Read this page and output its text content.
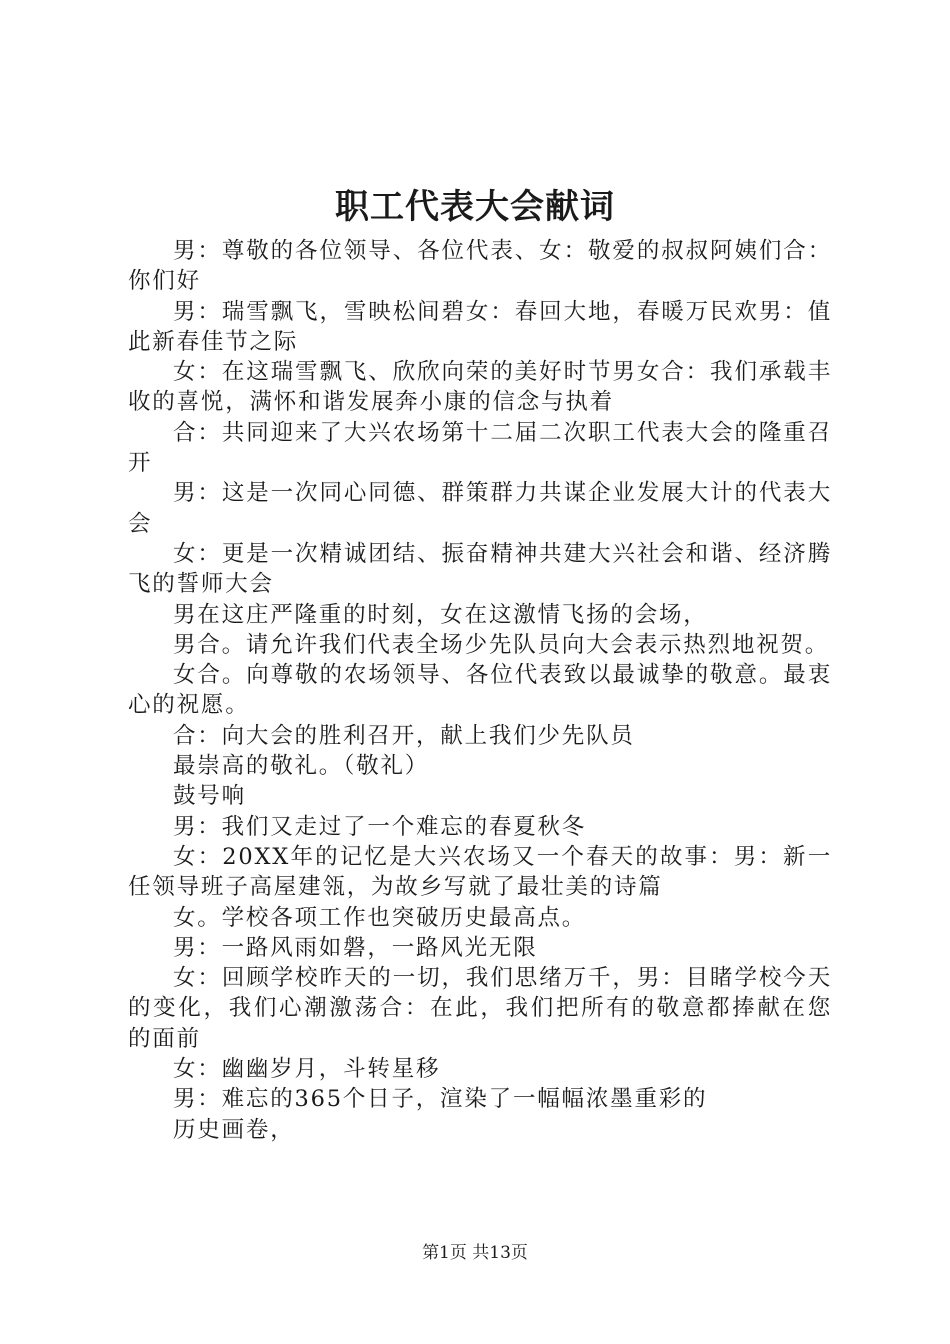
职工代表大会献词

男：尊敬的各位领导、各位代表、女：敬爱的叔叔阿姨们合：你们好

男：瑞雪飘飞，雪映松间碧女：春回大地，春暖万民欢男：值此新春佳节之际

女：在这瑞雪飘飞、欣欣向荣的美好时节男女合：我们承载丰收的喜悦，满怀和谐发展奔小康的信念与执着

合：共同迎来了大兴农场第十二届二次职工代表大会的隆重召开

男：这是一次同心同德、群策群力共谋企业发展大计的代表大会

女：更是一次精诚团结、振奋精神共建大兴社会和谐、经济腾飞的誓师大会

男在这庄严隆重的时刻，女在这激情飞扬的会场，

男合。请允许我们代表全场少先队员向大会表示热烈地祝贺。

女合。向尊敬的农场领导、各位代表致以最诚挚的敬意。最衷心的祝愿。

合：向大会的胜利召开，献上我们少先队员

最崇高的敬礼。（敬礼）

鼓号响

男：我们又走过了一个难忘的春夏秋冬

女：20XX年的记忆是大兴农场又一个春天的故事：男：新一任领导班子高屋建瓴，为故乡写就了最壮美的诗篇

女。学校各项工作也突破历史最高点。

男：一路风雨如磐，一路风光无限

女：回顾学校昨天的一切，我们思绪万千，男：目睹学校今天的变化，我们心潮激荡合：在此，我们把所有的敬意都捧献在您的面前

女：幽幽岁月，斗转星移

男：难忘的365个日子，渲染了一幅幅浓墨重彩的

历史画卷，

第1页 共13页
